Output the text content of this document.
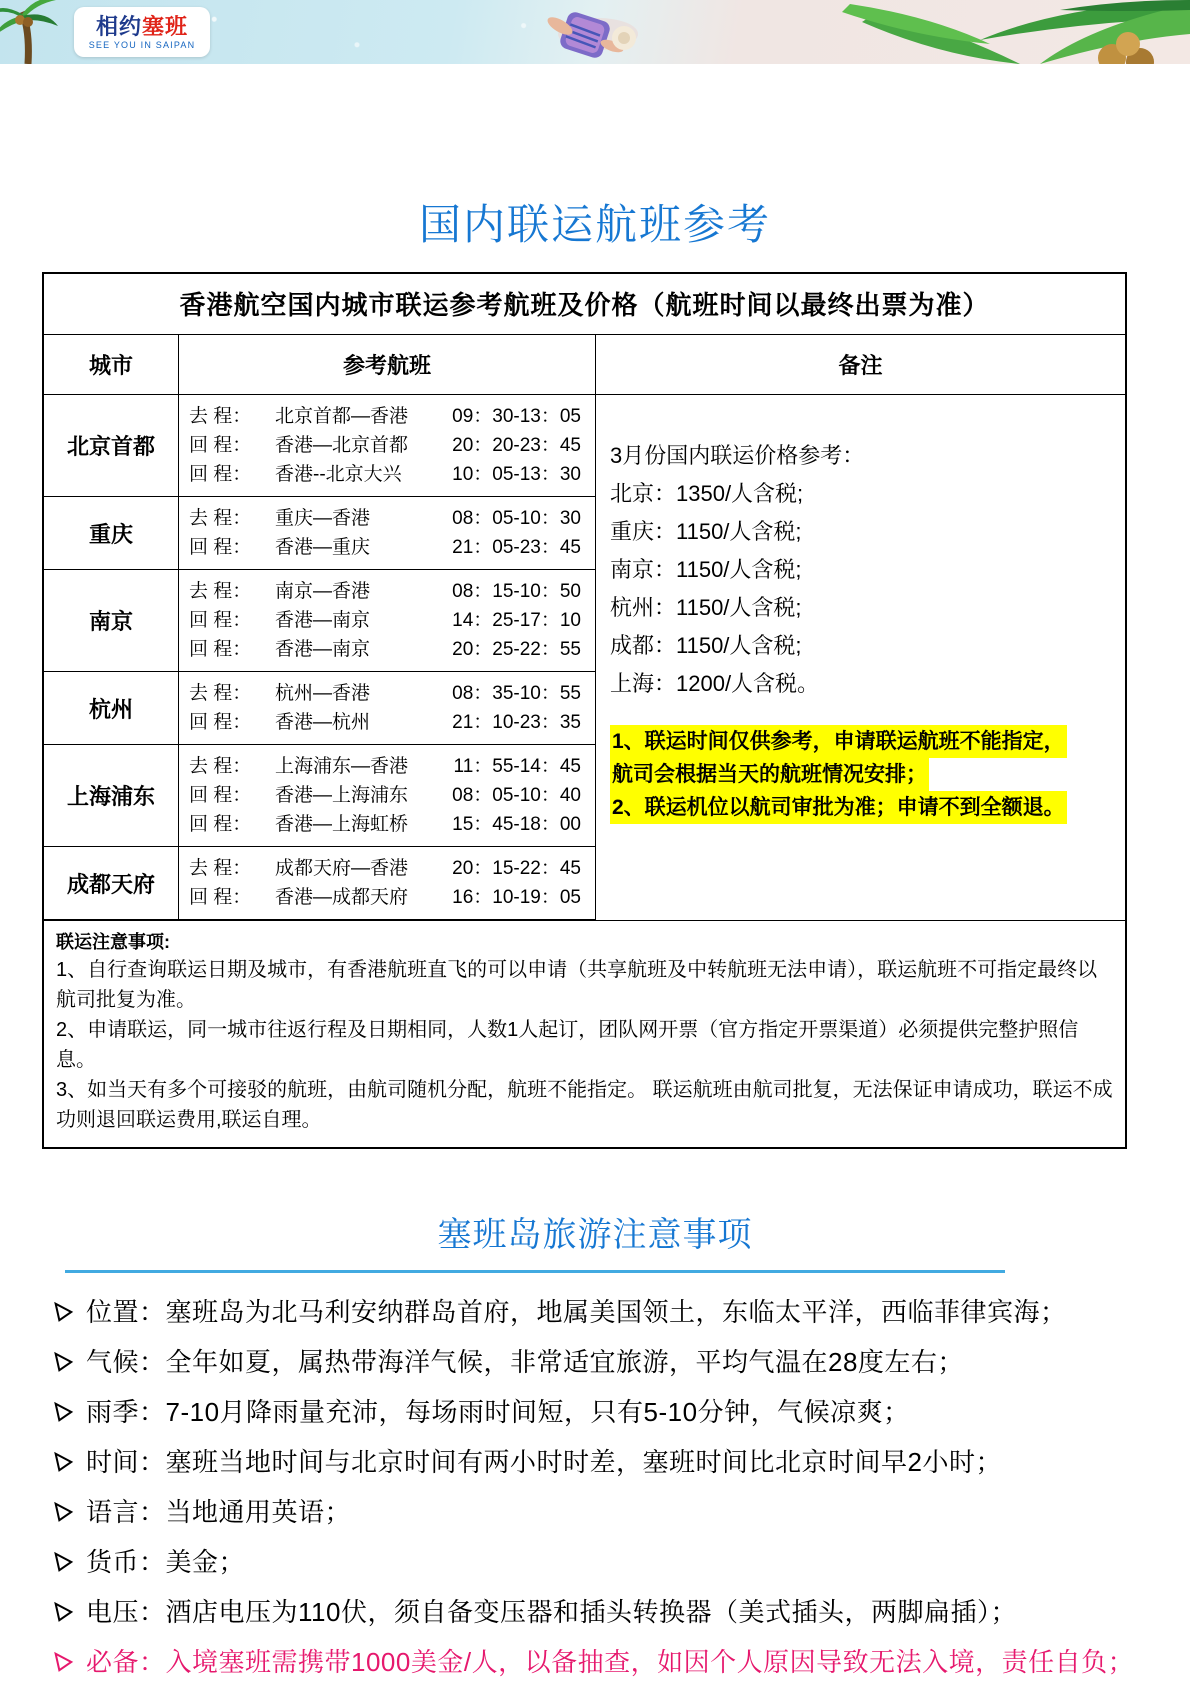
相约塞班
SEE YOU IN SAIPAN
国内联运航班参考
香港航空国内城市联运参考航班及价格（航班时间以最终出票为准）
城市	参考航班	备注
北京首都
去 程：	北京首都—香港	09：30-13：05
回 程：	香港—北京首都	20：20-23：45
回 程：	香港--北京大兴	10：05-13：30
重庆
去 程：	重庆—香港	08：05-10：30
回 程：	香港—重庆	21：05-23：45
南京
去 程：	南京—香港	08：15-10：50
回 程：	香港—南京	14：25-17：10
回 程：	香港—南京	20：25-22：55
杭州
去 程：	杭州—香港	08：35-10：55
回 程：	香港—杭州	21：10-23：35
上海浦东
去 程：	上海浦东—香港	11：55-14：45
回 程：	香港—上海浦东	08：05-10：40
回 程：	香港—上海虹桥	15：45-18：00
成都天府
去 程：	成都天府—香港	20：15-22：45
回 程：	香港—成都天府	16：10-19：05
3月份国内联运价格参考：
北京：1350/人含税;
重庆：1150/人含税;
南京：1150/人含税;
杭州：1150/人含税;
成都：1150/人含税;
上海：1200/人含税。
1、联运时间仅供参考，申请联运航班不能指定，
航司会根据当天的航班情况安排；
2、联运机位以航司审批为准；申请不到全额退。
联运注意事项:
1、自行查询联运日期及城市，有香港航班直飞的可以申请（共享航班及中转航班无法申请），联运航班不可指定最终以航司批复为准。
2、申请联运，同一城市往返行程及日期相同，人数1人起订，团队网开票（官方指定开票渠道）必须提供完整护照信息。
3、如当天有多个可接驳的航班，由航司随机分配，航班不能指定。 联运航班由航司批复，无法保证申请成功，联运不成功则退回联运费用,联运自理。
塞班岛旅游注意事项
位置：塞班岛为北马利安纳群岛首府，地属美国领土，东临太平洋，西临菲律宾海；
气候：全年如夏，属热带海洋气候，非常适宜旅游，平均气温在28度左右；
雨季：7-10月降雨量充沛，每场雨时间短，只有5-10分钟，气候凉爽；
时间：塞班当地时间与北京时间有两小时时差，塞班时间比北京时间早2小时；
语言：当地通用英语；
货币：美金；
电压：酒店电压为110伏，须自备变压器和插头转换器（美式插头，两脚扁插）；
必备：入境塞班需携带1000美金/人，以备抽查，如因个人原因导致无法入境，责任自负；
